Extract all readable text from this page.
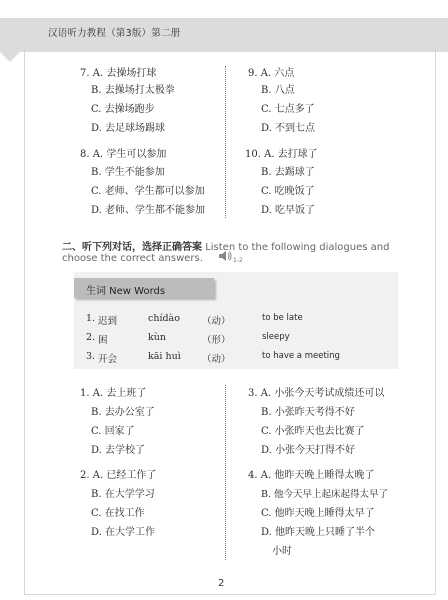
汉语听力教程（第3版）第二册
7. A. 去操场打球
B. 去操场打太极拳
C. 去操场跑步
D. 去足球场踢球
8. A. 学生可以参加
B. 学生不能参加
C. 老师、学生都可以参加
D. 老师、学生都不能参加
9. A. 六点
B. 八点
C. 七点多了
D. 不到七点
10. A. 去打球了
B. 去踢球了
C. 吃晚饭了
D. 吃早饭了
二、听下列对话，选择正确答案 Listen to the following dialogues and
choose the correct answers.	1-2
生词 New Words
1. 迟到	chídào （动）	to be late
2. 困	kùn	（形）	sleepy
3. 开会	kāi huì （动）	to have a meeting
1. A. 去上班了
B. 去办公室了
C. 回家了
D. 去学校了
2. A. 已经工作了
B. 在大学学习
C. 在找工作
D. 在大学工作
3. A. 小张今天考试成绩还可以
B. 小张昨天考得不好
C. 小张昨天也去比赛了
D. 小张今天打得不好
4. A. 他昨天晚上睡得太晚了
B. 他今天早上起床起得太早了
C. 他昨天晚上睡得太早了
D. 他昨天晚上只睡了半个
小时
2
